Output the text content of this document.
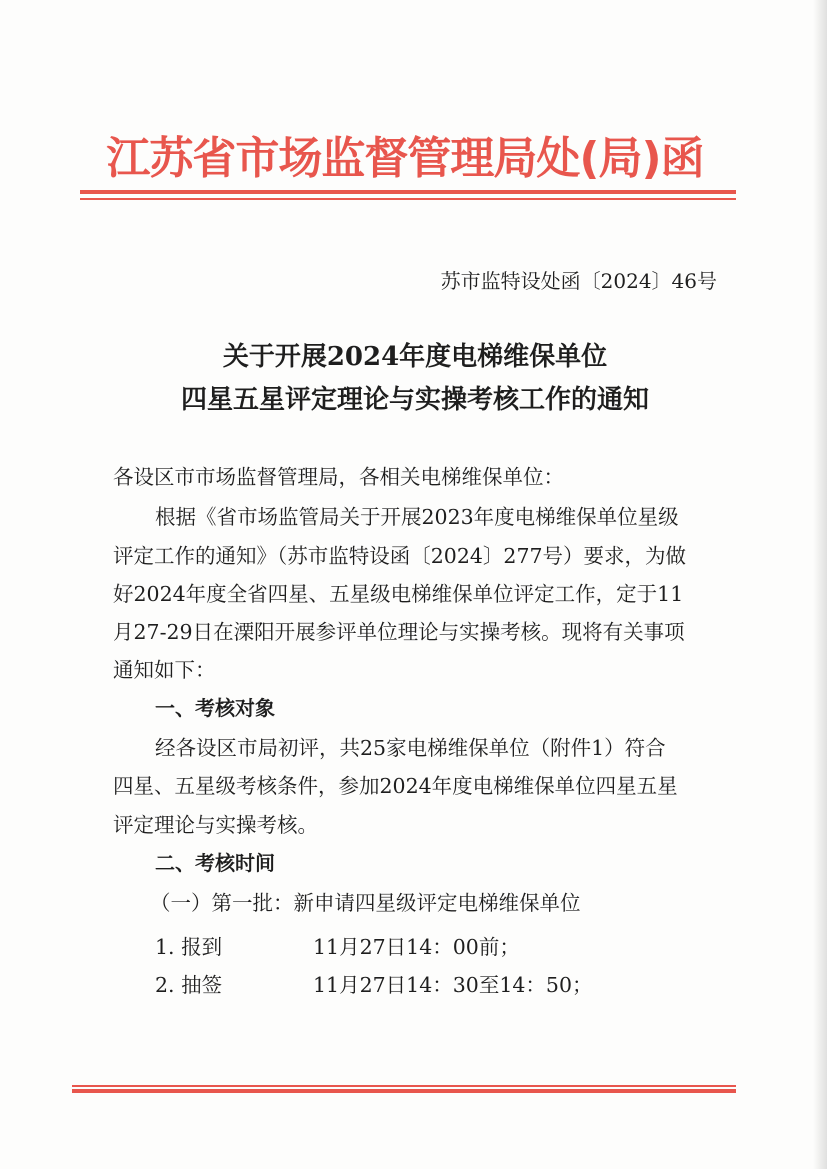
江苏省市场监督管理局处(局)函
苏市监特设处函〔2024〕46号
关于开展2024年度电梯维保单位
四星五星评定理论与实操考核工作的通知
各设区市市场监督管理局，各相关电梯维保单位：
根据《省市场监管局关于开展2023年度电梯维保单位星级
评定工作的通知》（苏市监特设函〔2024〕277号）要求，为做
好2024年度全省四星、五星级电梯维保单位评定工作，定于11
月27-29日在溧阳开展参评单位理论与实操考核。现将有关事项
通知如下：
一、考核对象
经各设区市局初评，共25家电梯维保单位（附件1）符合
四星、五星级考核条件，参加2024年度电梯维保单位四星五星
评定理论与实操考核。
二、考核时间
（一）第一批：新申请四星级评定电梯维保单位
1. 报到	11月27日14：00前；
2. 抽签	11月27日14：30至14：50；
